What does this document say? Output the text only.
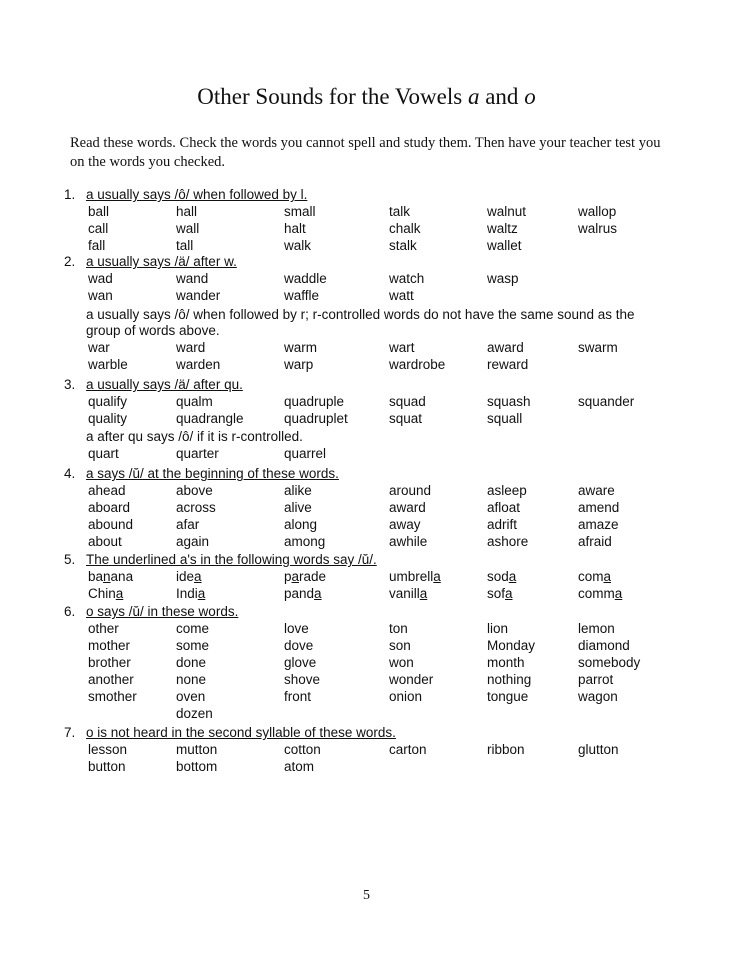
Other Sounds for the Vowels a and o
Read these words. Check the words you cannot spell and study them. Then have your teacher test you on the words you checked.
1. a usually says /ô/ when followed by l.
ball	hall	small	talk	walnut	wallop
call	wall	halt	chalk	waltz	walrus
fall	tall	walk	stalk	wallet
2. a usually says /ä/ after w.
wad	wand	waddle	watch	wasp
wan	wander	waffle	watt
a usually says /ô/ when followed by r; r-controlled words do not have the same sound as the group of words above.
war	ward	warm	wart	award	swarm
warble	warden	warp	wardrobe	reward
3. a usually says /ä/ after qu.
qualify	qualm	quadruple	squad	squash	squander
quality	quadrangle	quadruplet	squat	squall
a after qu says /ô/ if it is r-controlled.
quart	quarter	quarrel
4. a says /ŭ/ at the beginning of these words.
ahead	above	alike	around	asleep	aware
aboard	across	alive	award	afloat	amend
abound	afar	along	away	adrift	amaze
about	again	among	awhile	ashore	afraid
5. The underlined a's in the following words say /ŭ/.
banana	idea	parade	umbrella	soda	coma
China	India	panda	vanilla	sofa	comma
6. o says /ŭ/ in these words.
other	come	love	ton	lion	lemon
mother	some	dove	son	Monday	diamond
brother	done	glove	won	month	somebody
another	none	shove	wonder	nothing	parrot
smother	oven	front	onion	tongue	wagon
dozen
7. o is not heard in the second syllable of these words.
lesson	mutton	cotton	carton	ribbon	glutton
button	bottom	atom
5
